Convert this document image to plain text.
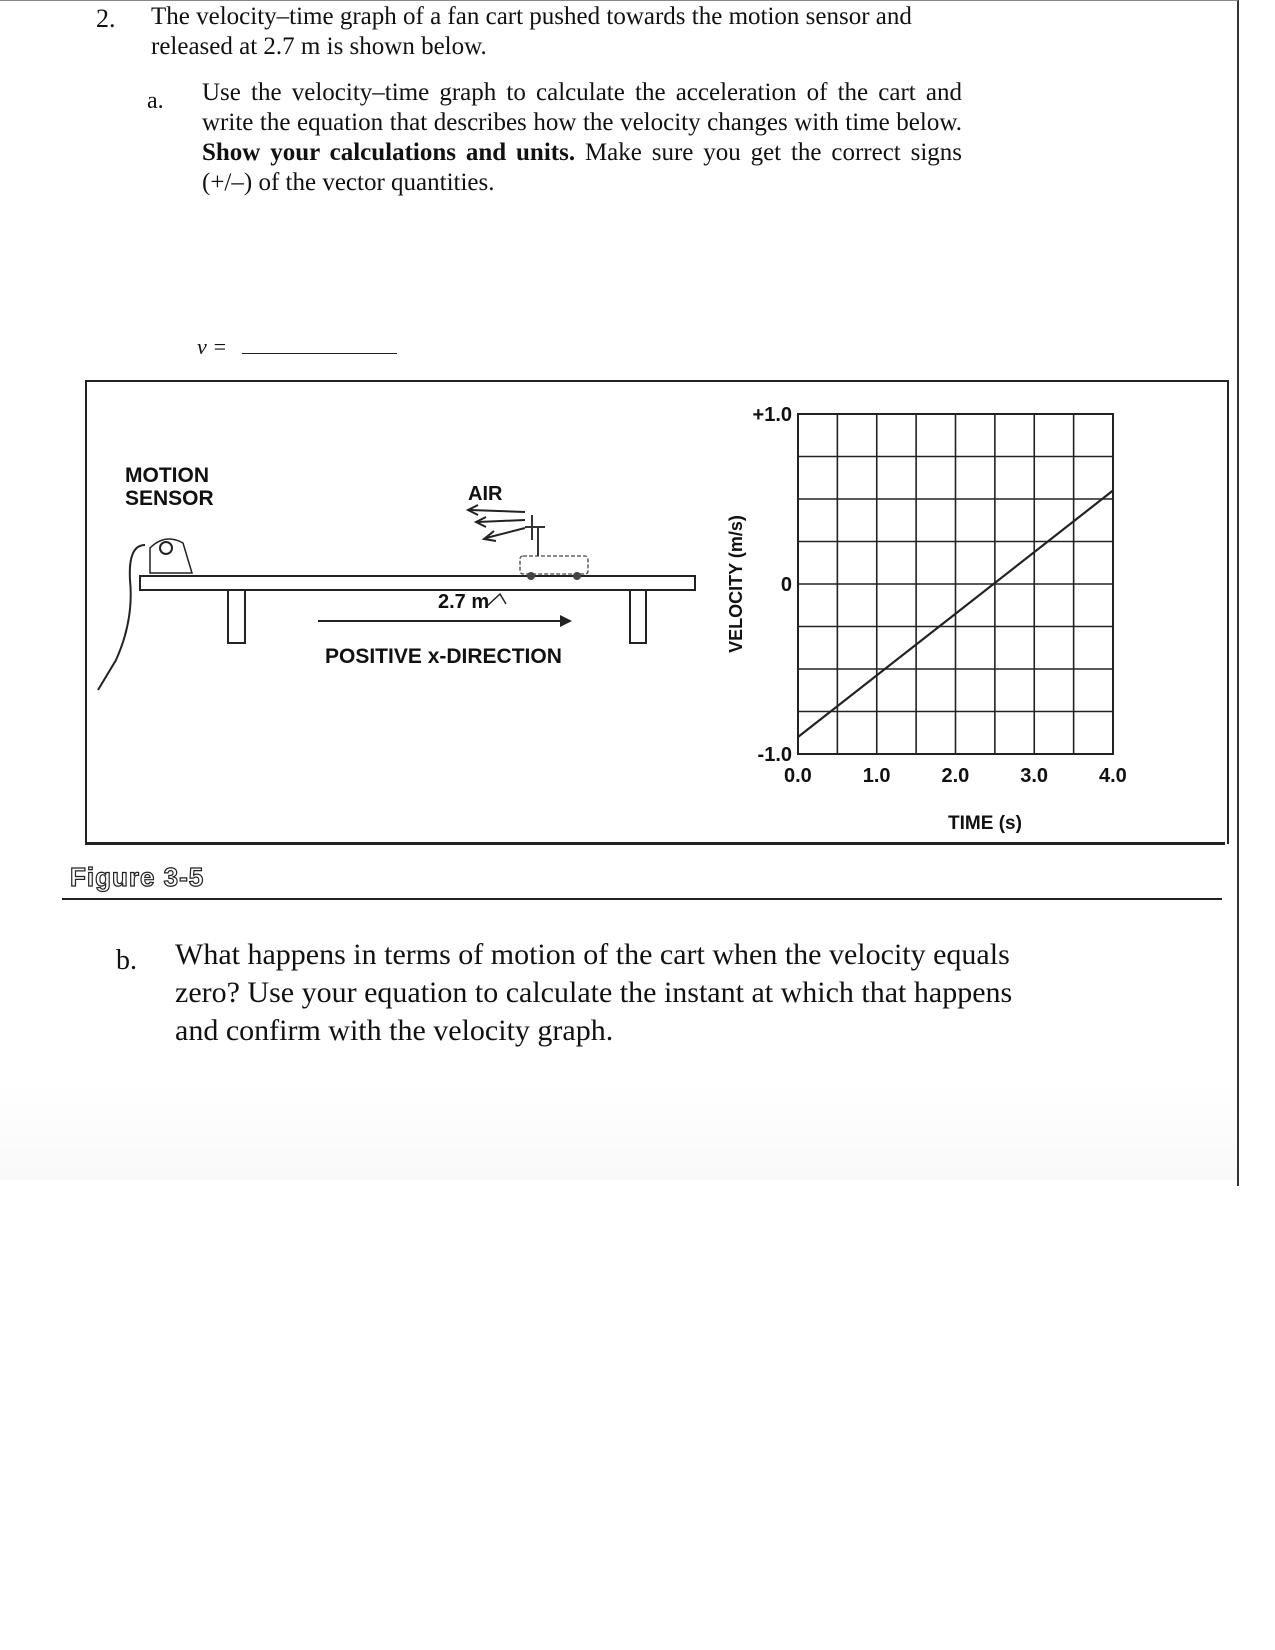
2. The velocity–time graph of a fan cart pushed towards the motion sensor and
released at 2.7 m is shown below.
a. Use the velocity–time graph to calculate the acceleration of the cart and write the equation that describes how the velocity changes with time below. Show your calculations and units. Make sure you get the correct signs (+/–) of the vector quantities.
v =
MOTION
SENSOR	AIR
2.7 m
POSITIVE x-DIRECTION
0.0	1.0	2.0	3.0	4.0
+1.0
0
-1.0
VELOCITY (m/s)
TIME (s)
Figure 3-5
b. What happens in terms of motion of the cart when the velocity equals zero? Use your equation to calculate the instant at which that happens and confirm with the velocity graph.
